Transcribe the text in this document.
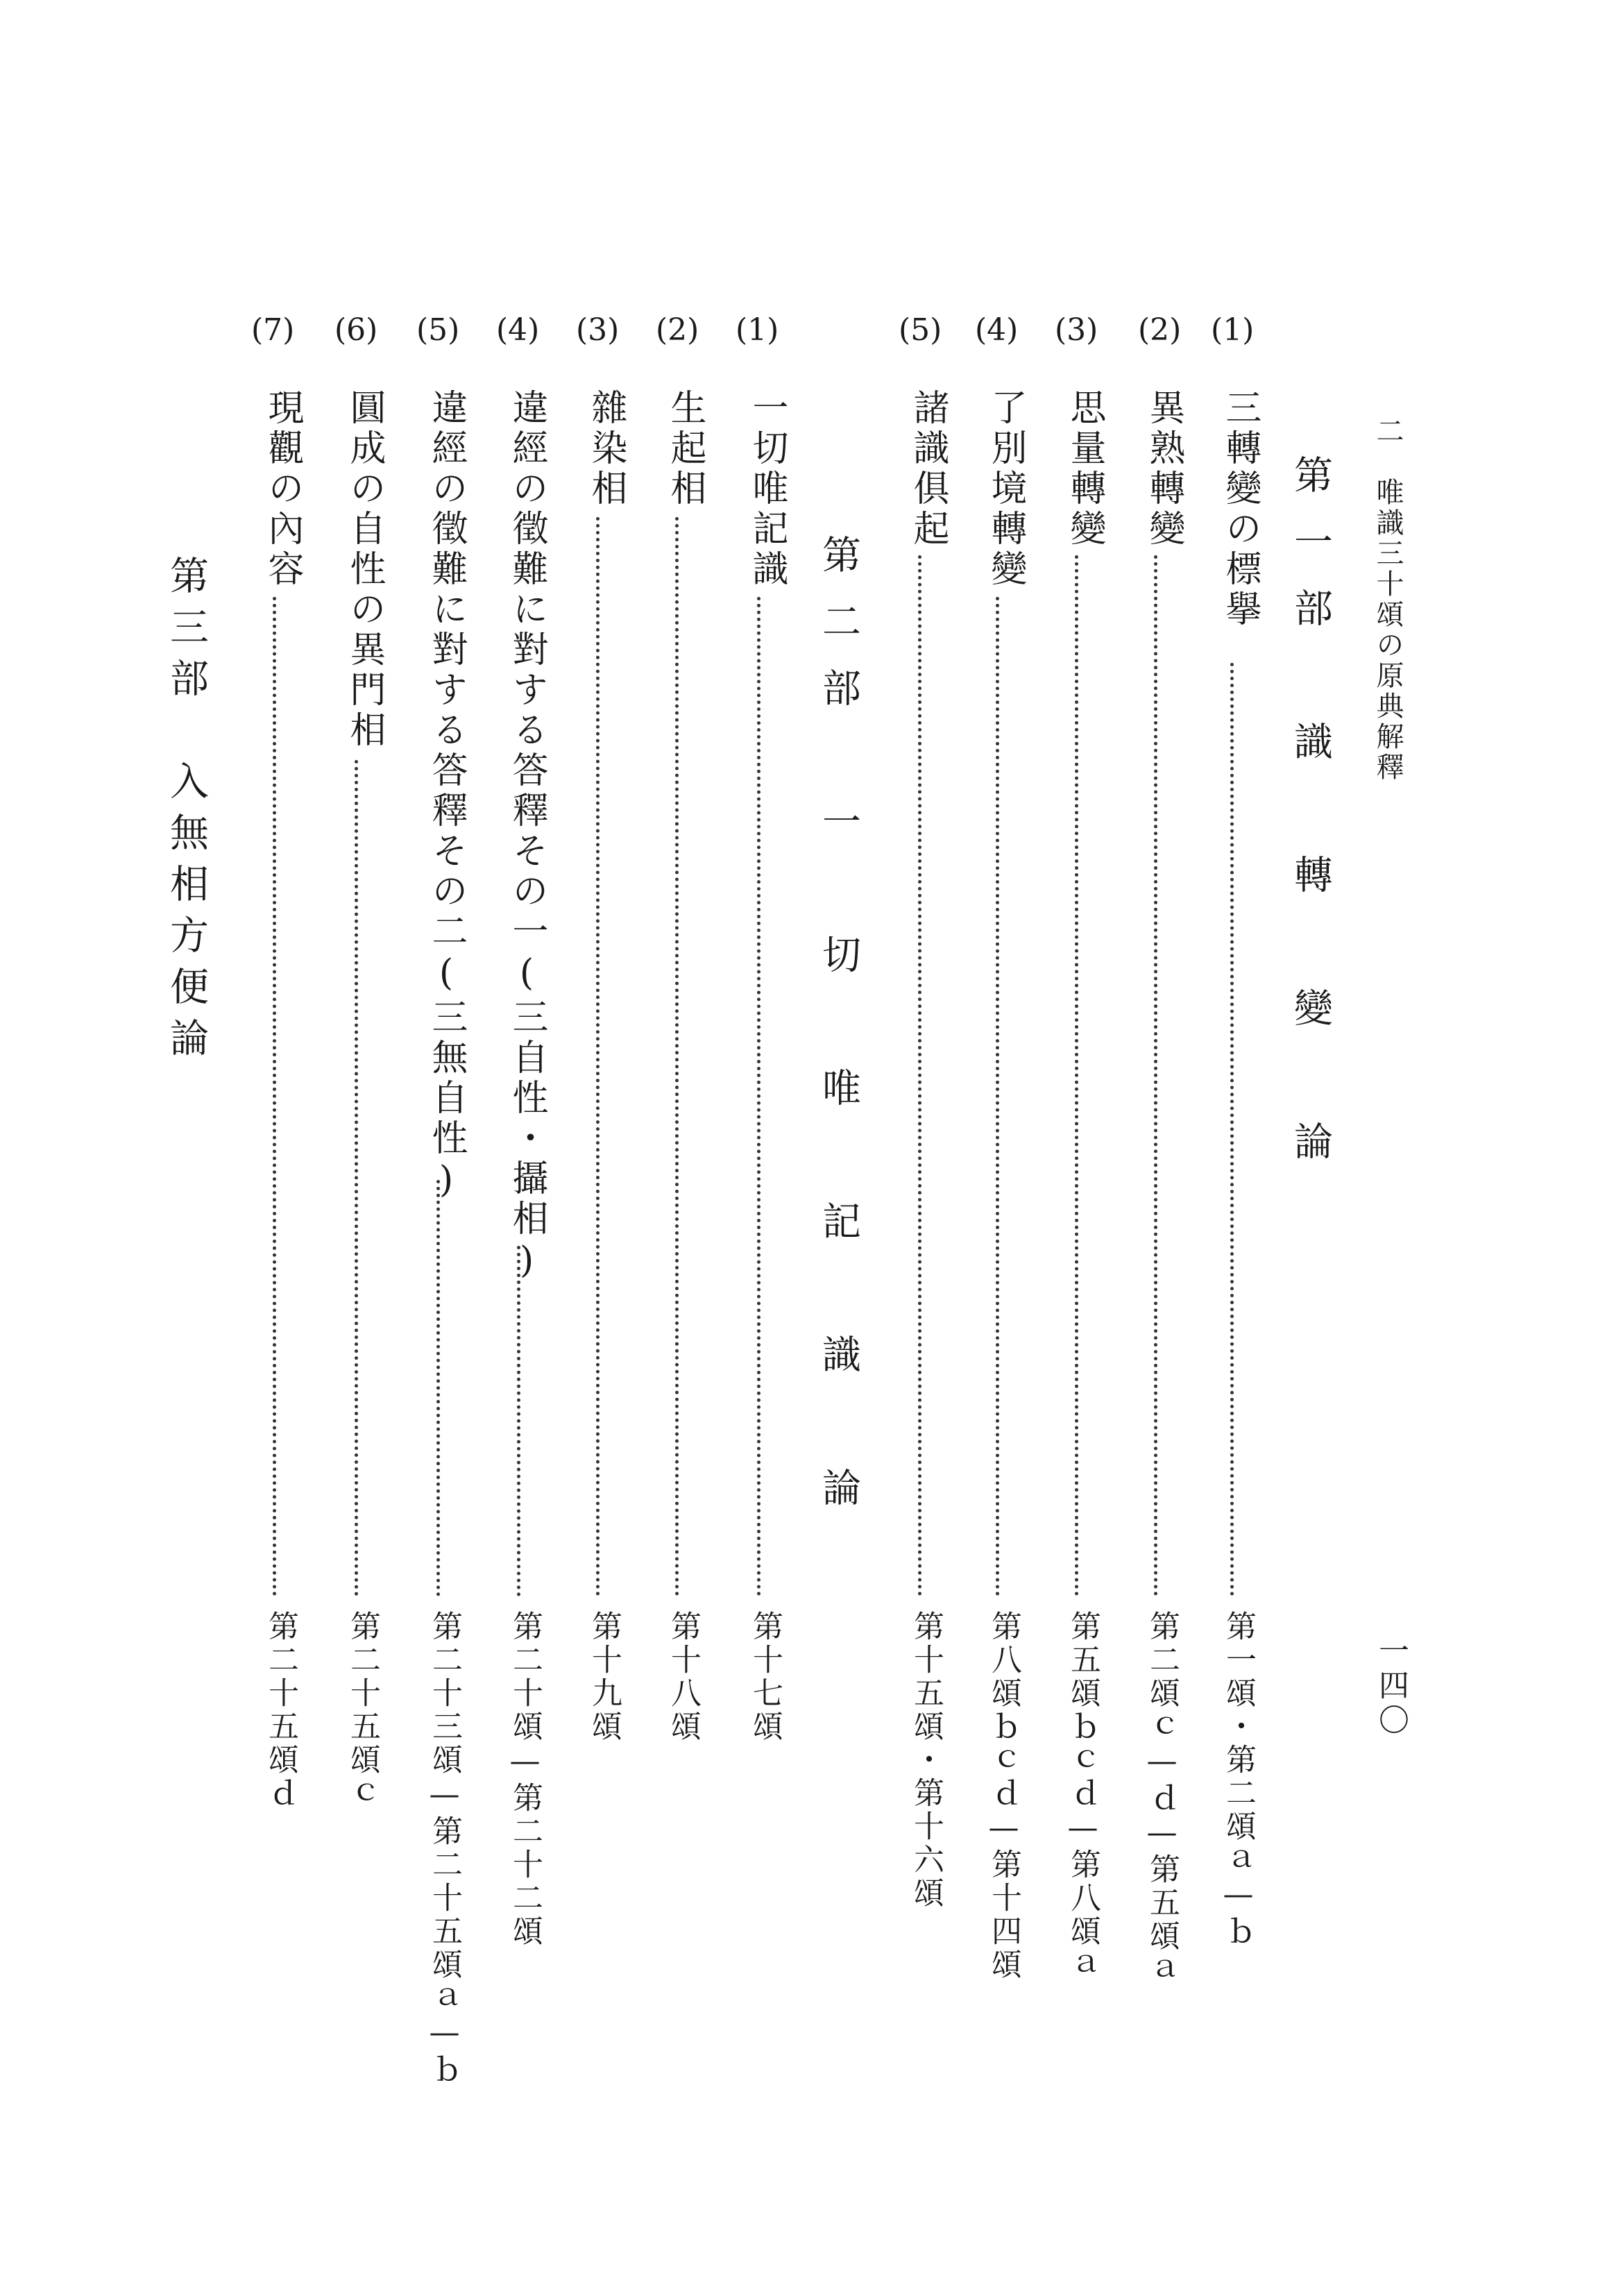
二　唯識三十頌の原典解釋
一四〇
第一部　識　轉　變　論
(1)
三轉變の標擧
第一頌・第二頌ａ—ｂ
(2)
異熟轉變
第二頌ｃ—ｄ—第五頌ａ
(3)
思量轉變
第五頌ｂｃｄ—第八頌ａ
(4)
了別境轉變
第八頌ｂｃｄ—第十四頌
(5)
諸識俱起
第十五頌・第十六頌
第二部　一　切　唯　記　識　論
(1)
一切唯記識
第十七頌
(2)
生起相
第十八頌
(3)
雜染相
第十九頌
(4)
違經の徵難に對する答釋その一(三自性・攝相)
第二十頌—第二十二頌
(5)
違經の徵難に對する答釋その二(三無自性)
第二十三頌—第二十五頌ａ—ｂ
(6)
圓成の自性の異門相
第二十五頌ｃ
(7)
現觀の內容
第二十五頌ｄ
第三部　入無相方便論
